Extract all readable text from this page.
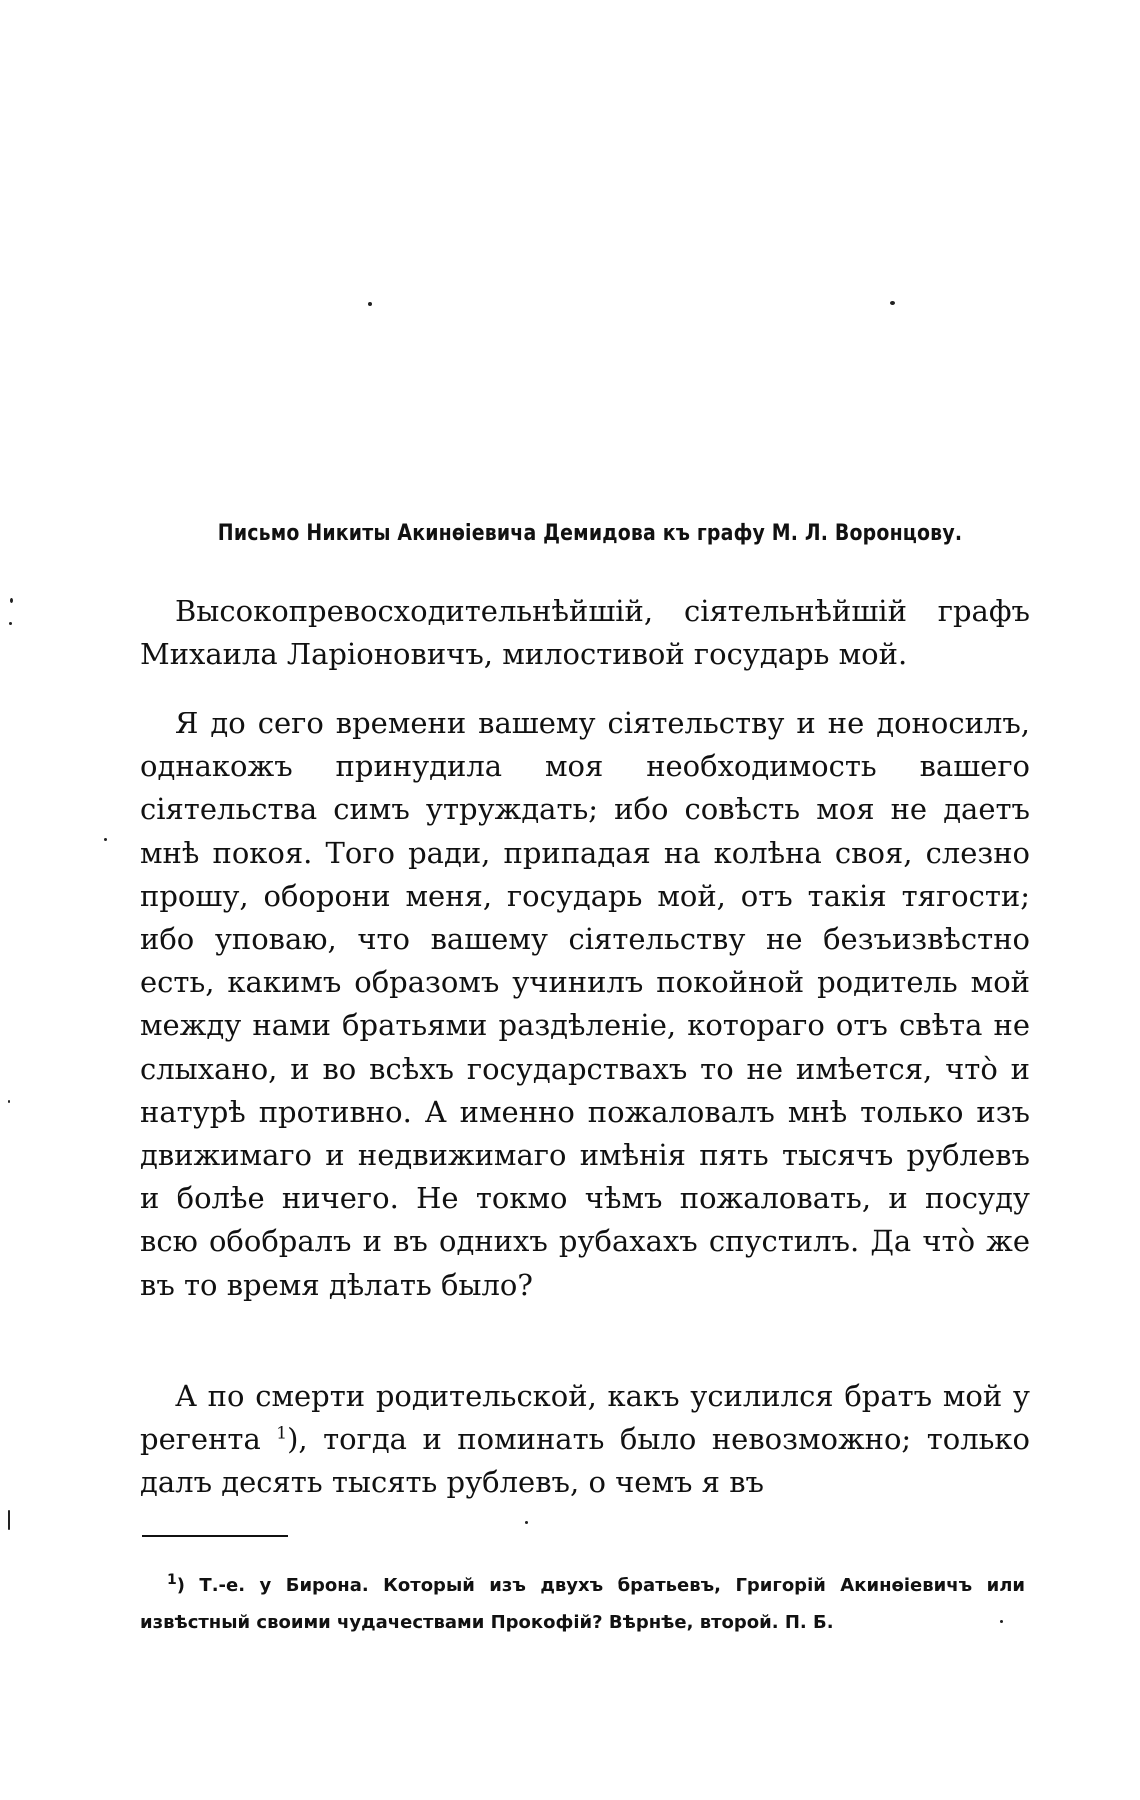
Письмо Никиты Акинѳіевича Демидова къ графу М. Л. Воронцову.

Высокопревосходительнѣйшій, сіятельнѣйшій графъ Михаила Ларіоновичъ, милостивой государь мой.

Я до сего времени вашему сіятельству и не доносилъ, однакожъ принудила моя необходимость вашего сіятельства симъ утруждать; ибо совѣсть моя не даетъ мнѣ покоя. Того ради, припадая на колѣна своя, слезно прошу, оборони меня, государь мой, отъ такія тягости; ибо уповаю, что вашему сіятельству не безъизвѣстно есть, какимъ образомъ учинилъ покойной родитель мой между нами братьями раздѣленіе, котораго отъ свѣта не слыхано, и во всѣхъ государствахъ то не имѣется, что̀ и натурѣ противно. А именно пожаловалъ мнѣ только изъ движимаго и недвижимаго имѣнія пять тысячъ рублевъ и болѣе ничего. Не токмо чѣмъ пожаловать, и посуду всю обобралъ и въ однихъ рубахахъ спустилъ. Да что̀ же въ то время дѣлать было?

А по смерти родительской, какъ усилился братъ мой у регента $^1$), тогда и поминать было невозможно; только далъ десять тысять рублевъ, о чемъ я въ

$^1$) Т.-е. у Бирона. Который изъ двухъ братьевъ, Григорій Акинѳіевичъ или извѣстный своими чудачествами Прокофій? Вѣрнѣе, второй. П. Б.
